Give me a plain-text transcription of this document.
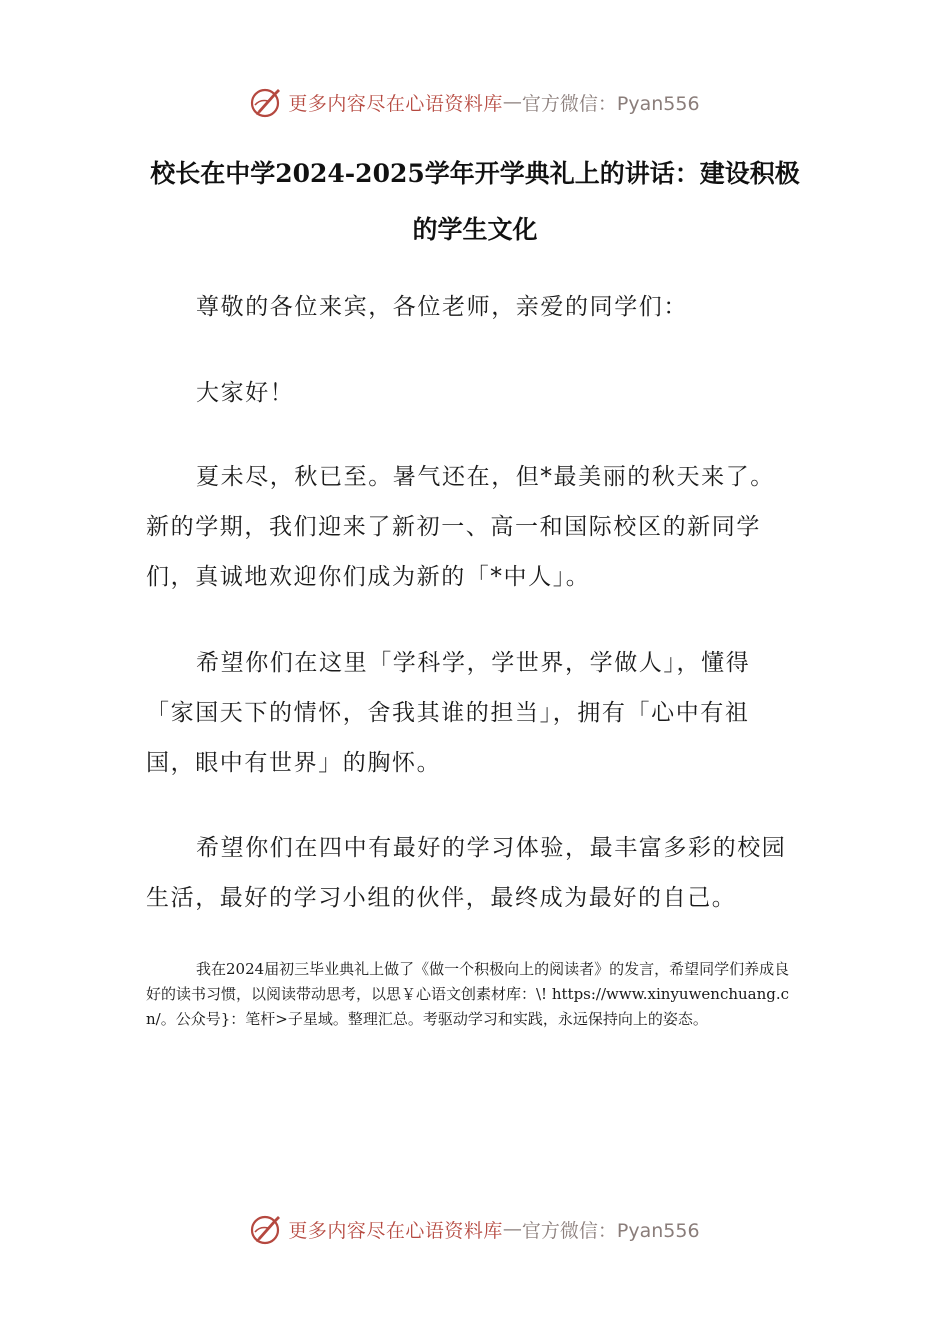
更多内容尽在心语资料库 — 官方微信：Pyan556
校长在中学2024-2025学年开学典礼上的讲话：建设积极的学生文化

尊敬的各位来宾，各位老师，亲爱的同学们：

大家好！

夏未尽，秋已至。暑气还在，但*最美丽的秋天来了。新的学期，我们迎来了新初一、高一和国际校区的新同学们，真诚地欢迎你们成为新的「*中人」。

希望你们在这里「学科学，学世界，学做人」，懂得「家国天下的情怀，舍我其谁的担当」，拥有「心中有祖国，眼中有世界」的胸怀。

希望你们在四中有最好的学习体验，最丰富多彩的校园生活，最好的学习小组的伙伴，最终成为最好的自己。

我在2024届初三毕业典礼上做了《做一个积极向上的阅读者》的发言，希望同学们养成良好的读书习惯，以阅读带动思考，以思￥心语文创素材库：\! https://www.xinyuwenchuang.cn/。公众号}：笔杆>子星域。整理汇总。考驱动学习和实践，永远保持向上的姿态。

更多内容尽在心语资料库 — 官方微信：Pyan556
